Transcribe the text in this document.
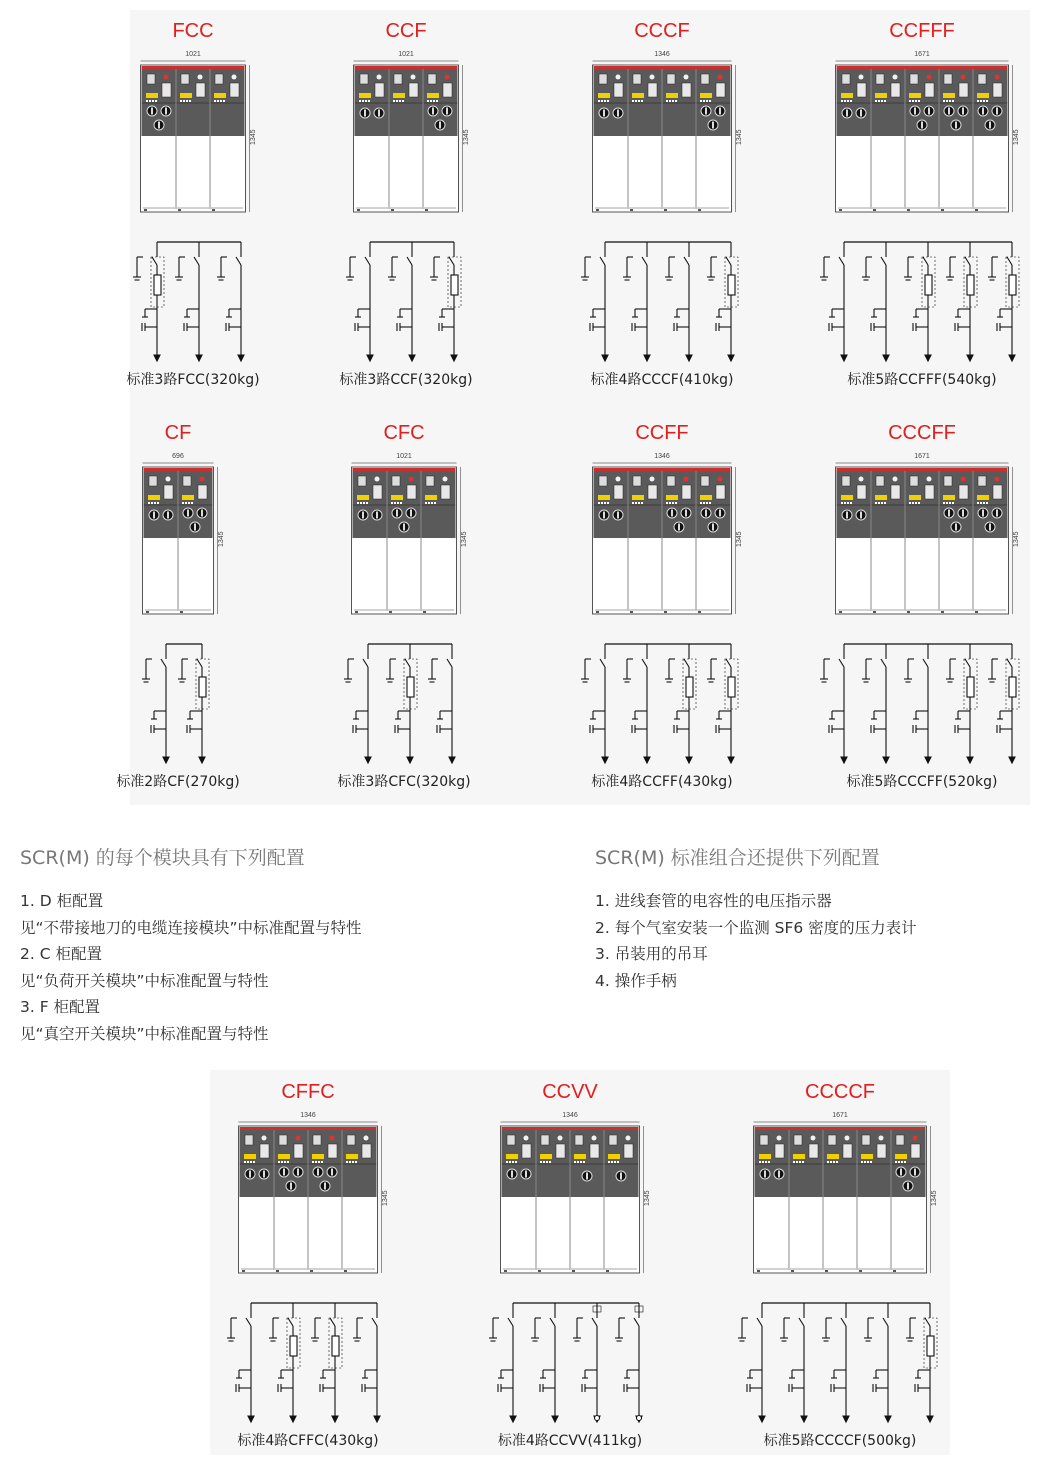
FCC
1021
1345
标准3路FCC(320kg)
CCF
1021
1345
标准3路CCF(320kg)
CCCF
1346
1345
标准4路CCCF(410kg)
CCFFF
1671
1345
标准5路CCFFF(540kg)
CF
696
1345
标准2路CF(270kg)
CFC
1021
1345
标准3路CFC(320kg)
CCFF
1346
1345
标准4路CCFF(430kg)
CCCFF
1671
1345
标准5路CCCFF(520kg)
CFFC
1346
1345
标准4路CFFC(430kg)
CCVV
1346
1345
标准4路CCVV(411kg)
CCCCF
1671
1345
标准5路CCCCF(500kg)
SCR(M) 的每个模块具有下列配置
1. D 柜配置
见“不带接地刀的电缆连接模块”中标准配置与特性
2. C 柜配置
见“负荷开关模块”中标准配置与特性
3. F 柜配置
见“真空开关模块”中标准配置与特性
SCR(M) 标准组合还提供下列配置
1. 进线套管的电容性的电压指示器
2. 每个气室安装一个监测 SF6 密度的压力表计
3. 吊装用的吊耳
4. 操作手柄
